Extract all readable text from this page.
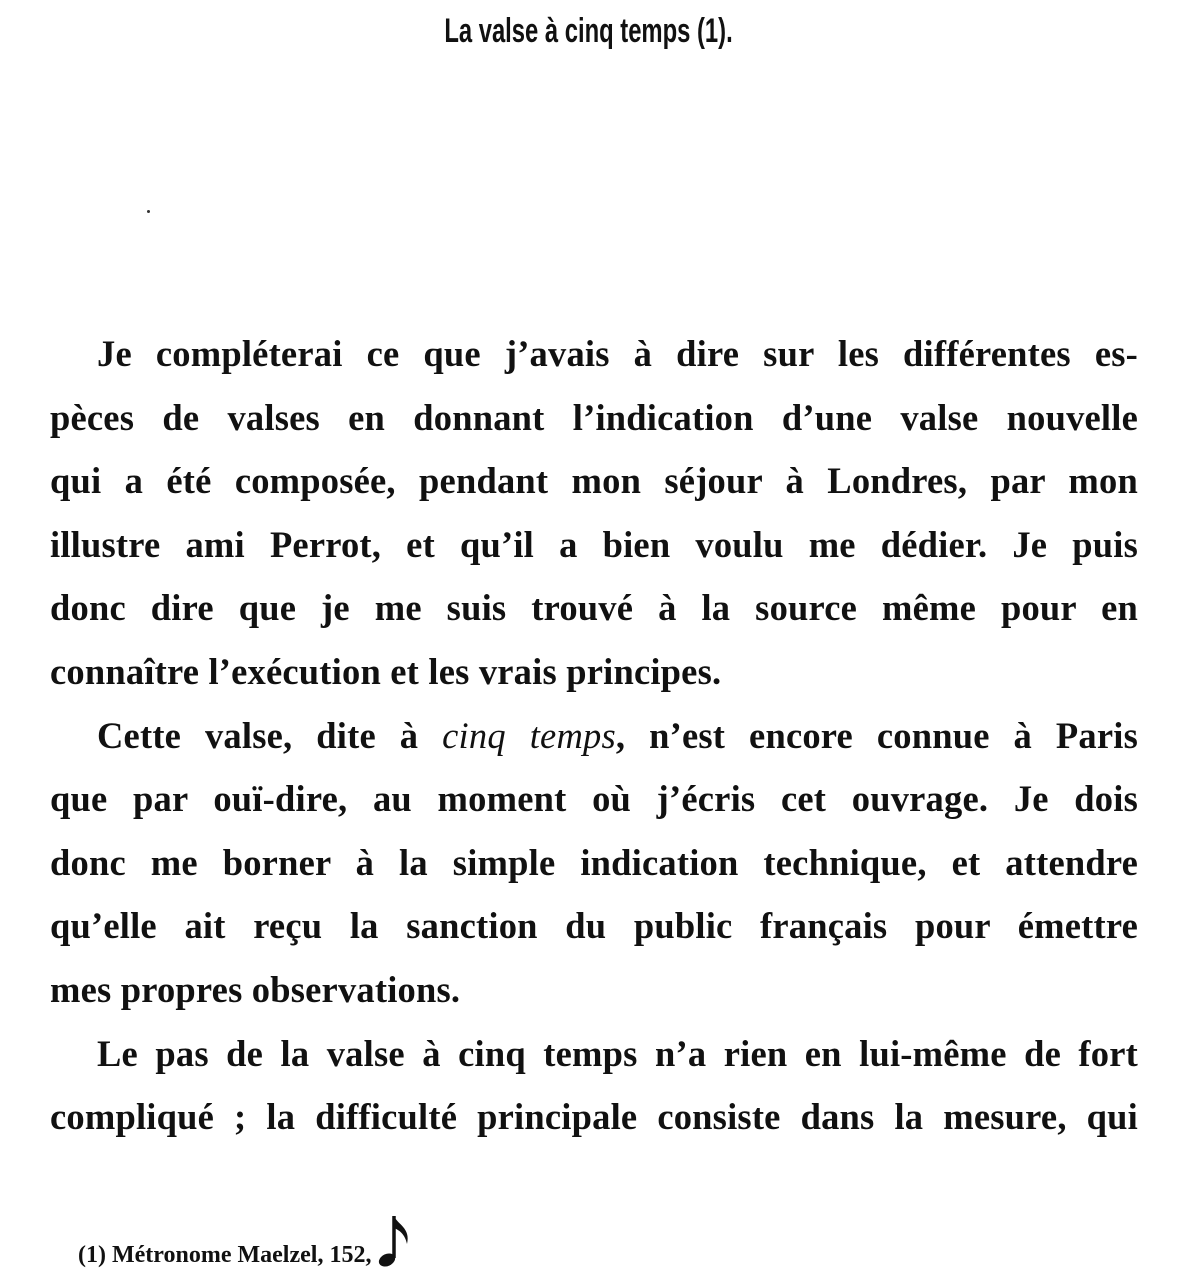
La valse à cinq temps (1).
Je compléterai ce que j’avais à dire sur les différentes es-
pèces de valses en donnant l’indication d’une valse nouvelle
qui a été composée, pendant mon séjour à Londres, par mon
illustre ami Perrot, et qu’il a bien voulu me dédier. Je puis
donc dire que je me suis trouvé à la source même pour en
connaître l’exécution et les vrais principes.
Cette valse, dite à cinq temps, n’est encore connue à Paris
que par ouï-dire, au moment où j’écris cet ouvrage. Je dois
donc me borner à la simple indication technique, et attendre
qu’elle ait reçu la sanction du public français pour émettre
mes propres observations.
Le pas de la valse à cinq temps n’a rien en lui-même de fort
compliqué ; la difficulté principale consiste dans la mesure, qui
(1) Métronome Maelzel, 152,
